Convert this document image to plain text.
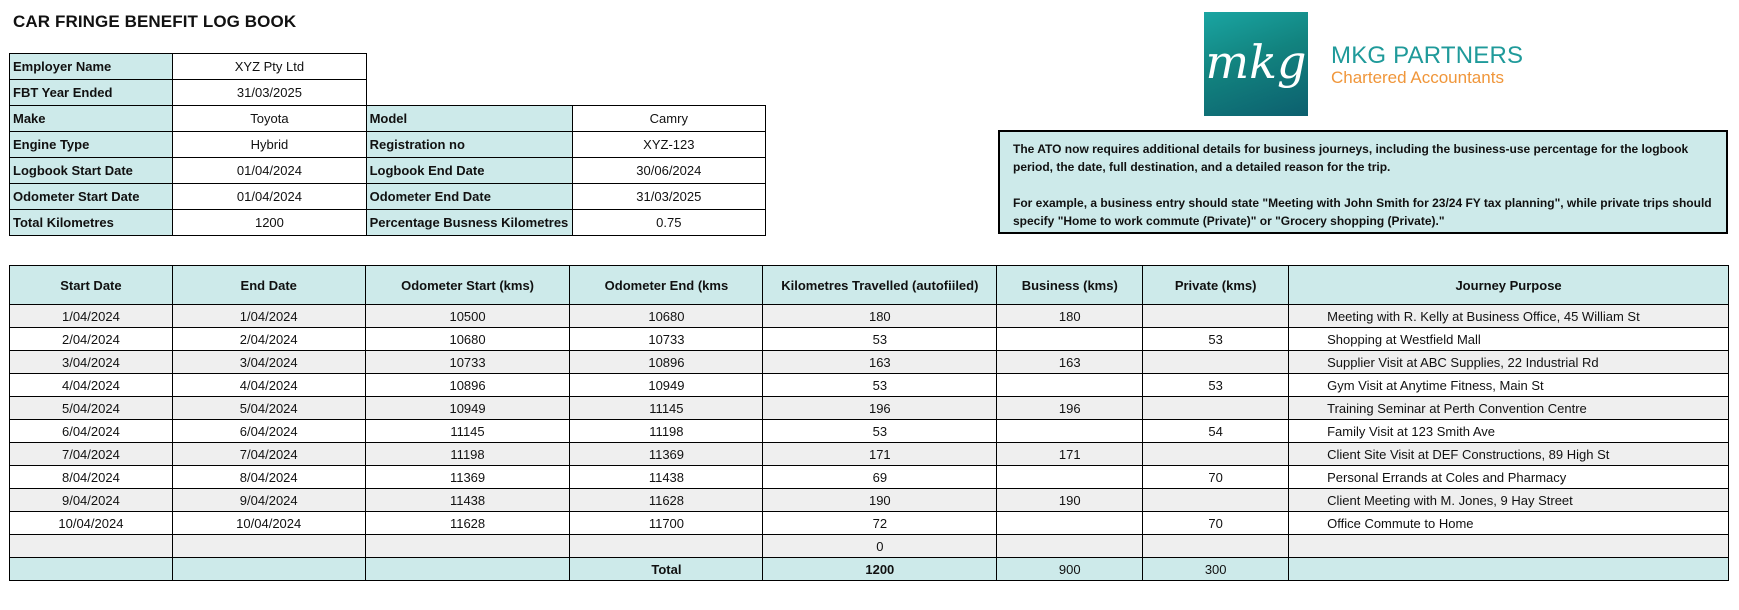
CAR FRINGE BENEFIT LOG BOOK
Employer Name	XYZ Pty Ltd		
FBT Year Ended	31/03/2025		
Make	Toyota	Model	Camry
Engine Type	Hybrid	Registration no	XYZ-123
Logbook Start Date	01/04/2024	Logbook End Date	30/06/2024
Odometer Start Date	01/04/2024	Odometer End Date	31/03/2025
Total Kilometres	1200	Percentage Busness Kilometres	0.75
mkg MKG PARTNERS
Chartered Accountants

The ATO now requires additional details for business journeys, including the business-use percentage for the logbook period, the date, full destination, and a detailed reason for the trip.

For example, a business entry should state "Meeting with John Smith for 23/24 FY tax planning", while private trips should specify "Home to work commute (Private)" or "Grocery shopping (Private)."

Start Date	End Date	Odometer Start (kms)	Odometer End (kms	Kilometres Travelled (autofiiled)	Business (kms)	Private (kms)	Journey Purpose
1/04/2024	1/04/2024	10500	10680	180	180		Meeting with R. Kelly at Business Office, 45 William St
2/04/2024	2/04/2024	10680	10733	53		53	Shopping at Westfield Mall
3/04/2024	3/04/2024	10733	10896	163	163		Supplier Visit at ABC Supplies, 22 Industrial Rd
4/04/2024	4/04/2024	10896	10949	53		53	Gym Visit at Anytime Fitness, Main St
5/04/2024	5/04/2024	10949	11145	196	196		Training Seminar at Perth Convention Centre
6/04/2024	6/04/2024	11145	11198	53		54	Family Visit at 123 Smith Ave
7/04/2024	7/04/2024	11198	11369	171	171		Client Site Visit at DEF Constructions, 89 High St
8/04/2024	8/04/2024	11369	11438	69		70	Personal Errands at Coles and Pharmacy
9/04/2024	9/04/2024	11438	11628	190	190		Client Meeting with M. Jones, 9 Hay Street
10/04/2024	10/04/2024	11628	11700	72		70	Office Commute to Home
				0			
			Total	1200	900	300	
